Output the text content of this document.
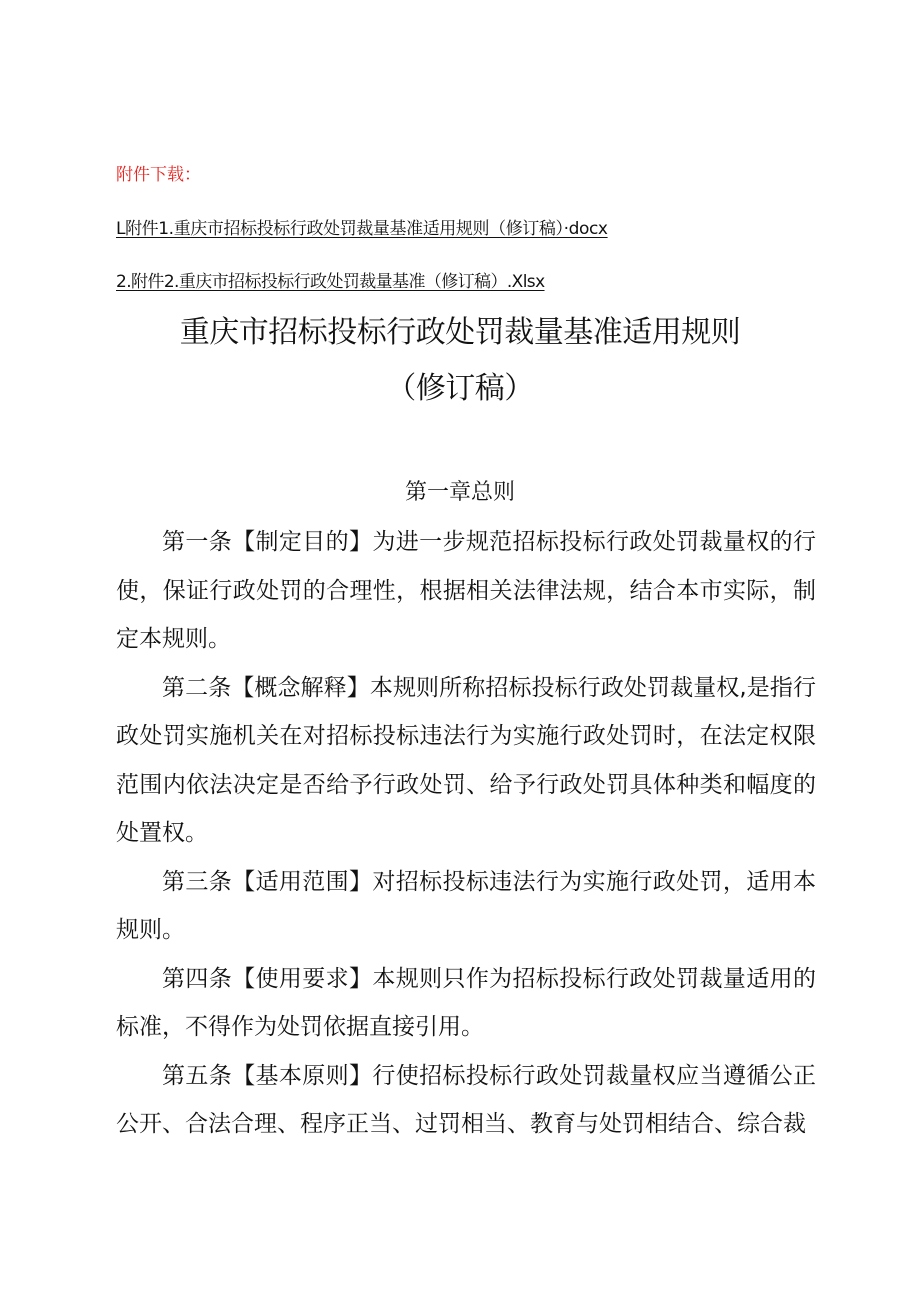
附件下载：
L附件1.重庆市招标投标行政处罚裁量基准适用规则（修订稿）·docx
2.附件2.重庆市招标投标行政处罚裁量基准（修订稿）.Xlsx
重庆市招标投标行政处罚裁量基准适用规则
（修订稿）
第一章总则

第一条【制定目的】为进一步规范招标投标行政处罚裁量权的行使，保证行政处罚的合理性，根据相关法律法规，结合本市实际，制定本规则。

第二条【概念解释】本规则所称招标投标行政处罚裁量权,是指行政处罚实施机关在对招标投标违法行为实施行政处罚时，在法定权限范围内依法决定是否给予行政处罚、给予行政处罚具体种类和幅度的处置权。

第三条【适用范围】对招标投标违法行为实施行政处罚，适用本规则。

第四条【使用要求】本规则只作为招标投标行政处罚裁量适用的标准，不得作为处罚依据直接引用。

第五条【基本原则】行使招标投标行政处罚裁量权应当遵循公正公开、合法合理、程序正当、过罚相当、教育与处罚相结合、综合裁
